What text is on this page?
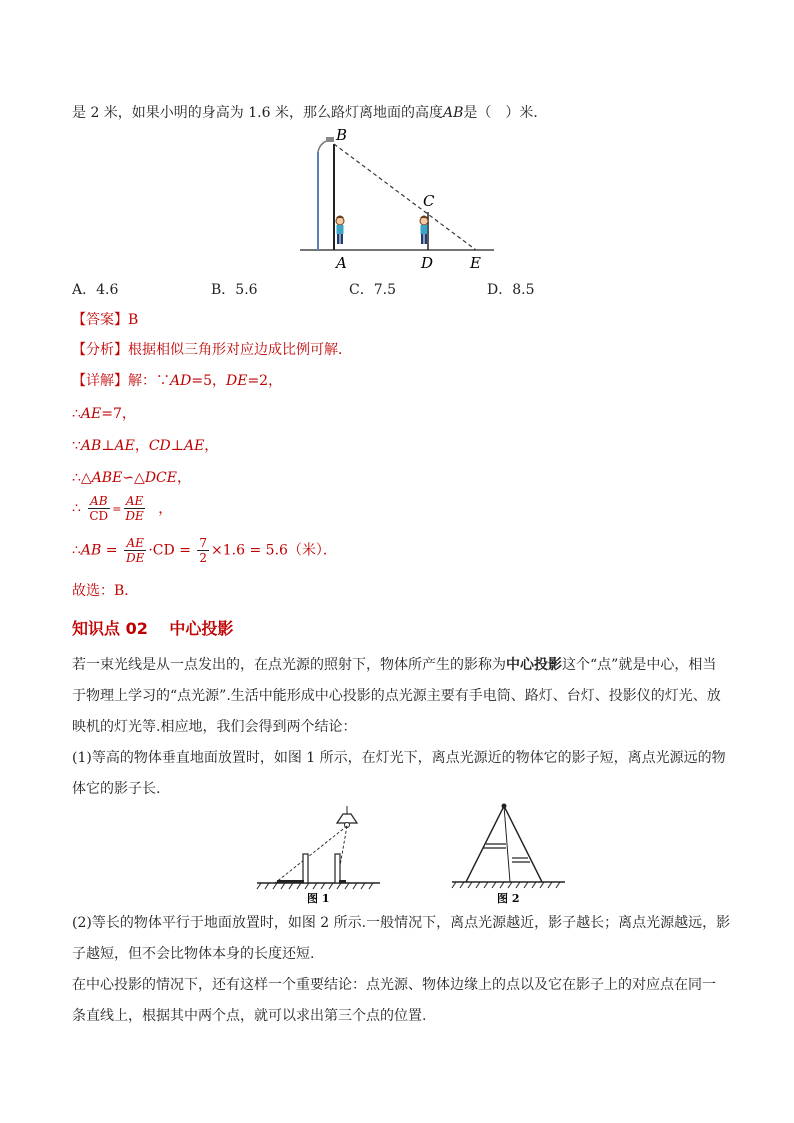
是 2 米，如果小明的身高为 1.6 米，那么路灯离地面的高度AB是（　）米．
B
C
A	D E
A．4.6	B．5.6	C．7.5	D．8.5
【答案】B
【分析】根据相似三角形对应边成比例可解．
【详解】解：∵AD=5，DE=2，
∴AE=7，
∵AB⊥AE，CD⊥AE，
∴△ABE∽△DCE，
∴ $\frac{AB}{CD} = \frac{AE}{DE}$ ，
∴AB = $\frac{AE}{DE} \cdot CD = \frac{7}{2} \times 1.6 = 5.6$（米）．
故选：B．
知识点 02　 中心投影
若一束光线是从一点发出的，在点光源的照射下，物体所产生的影称为中心投影这个“点”就是中心，相当
于物理上学习的“点光源”.生活中能形成中心投影的点光源主要有手电筒、路灯、台灯、投影仪的灯光、放
映机的灯光等.相应地，我们会得到两个结论：
(1)等高的物体垂直地面放置时，如图 1 所示，在灯光下，离点光源近的物体它的影子短，离点光源远的物
体它的影子长.
图 1	图 2
(2)等长的物体平行于地面放置时，如图 2 所示.一般情况下，离点光源越近，影子越长；离点光源越远，影
子越短，但不会比物体本身的长度还短.
在中心投影的情况下，还有这样一个重要结论：点光源、物体边缘上的点以及它在影子上的对应点在同一
条直线上，根据其中两个点，就可以求出第三个点的位置.
